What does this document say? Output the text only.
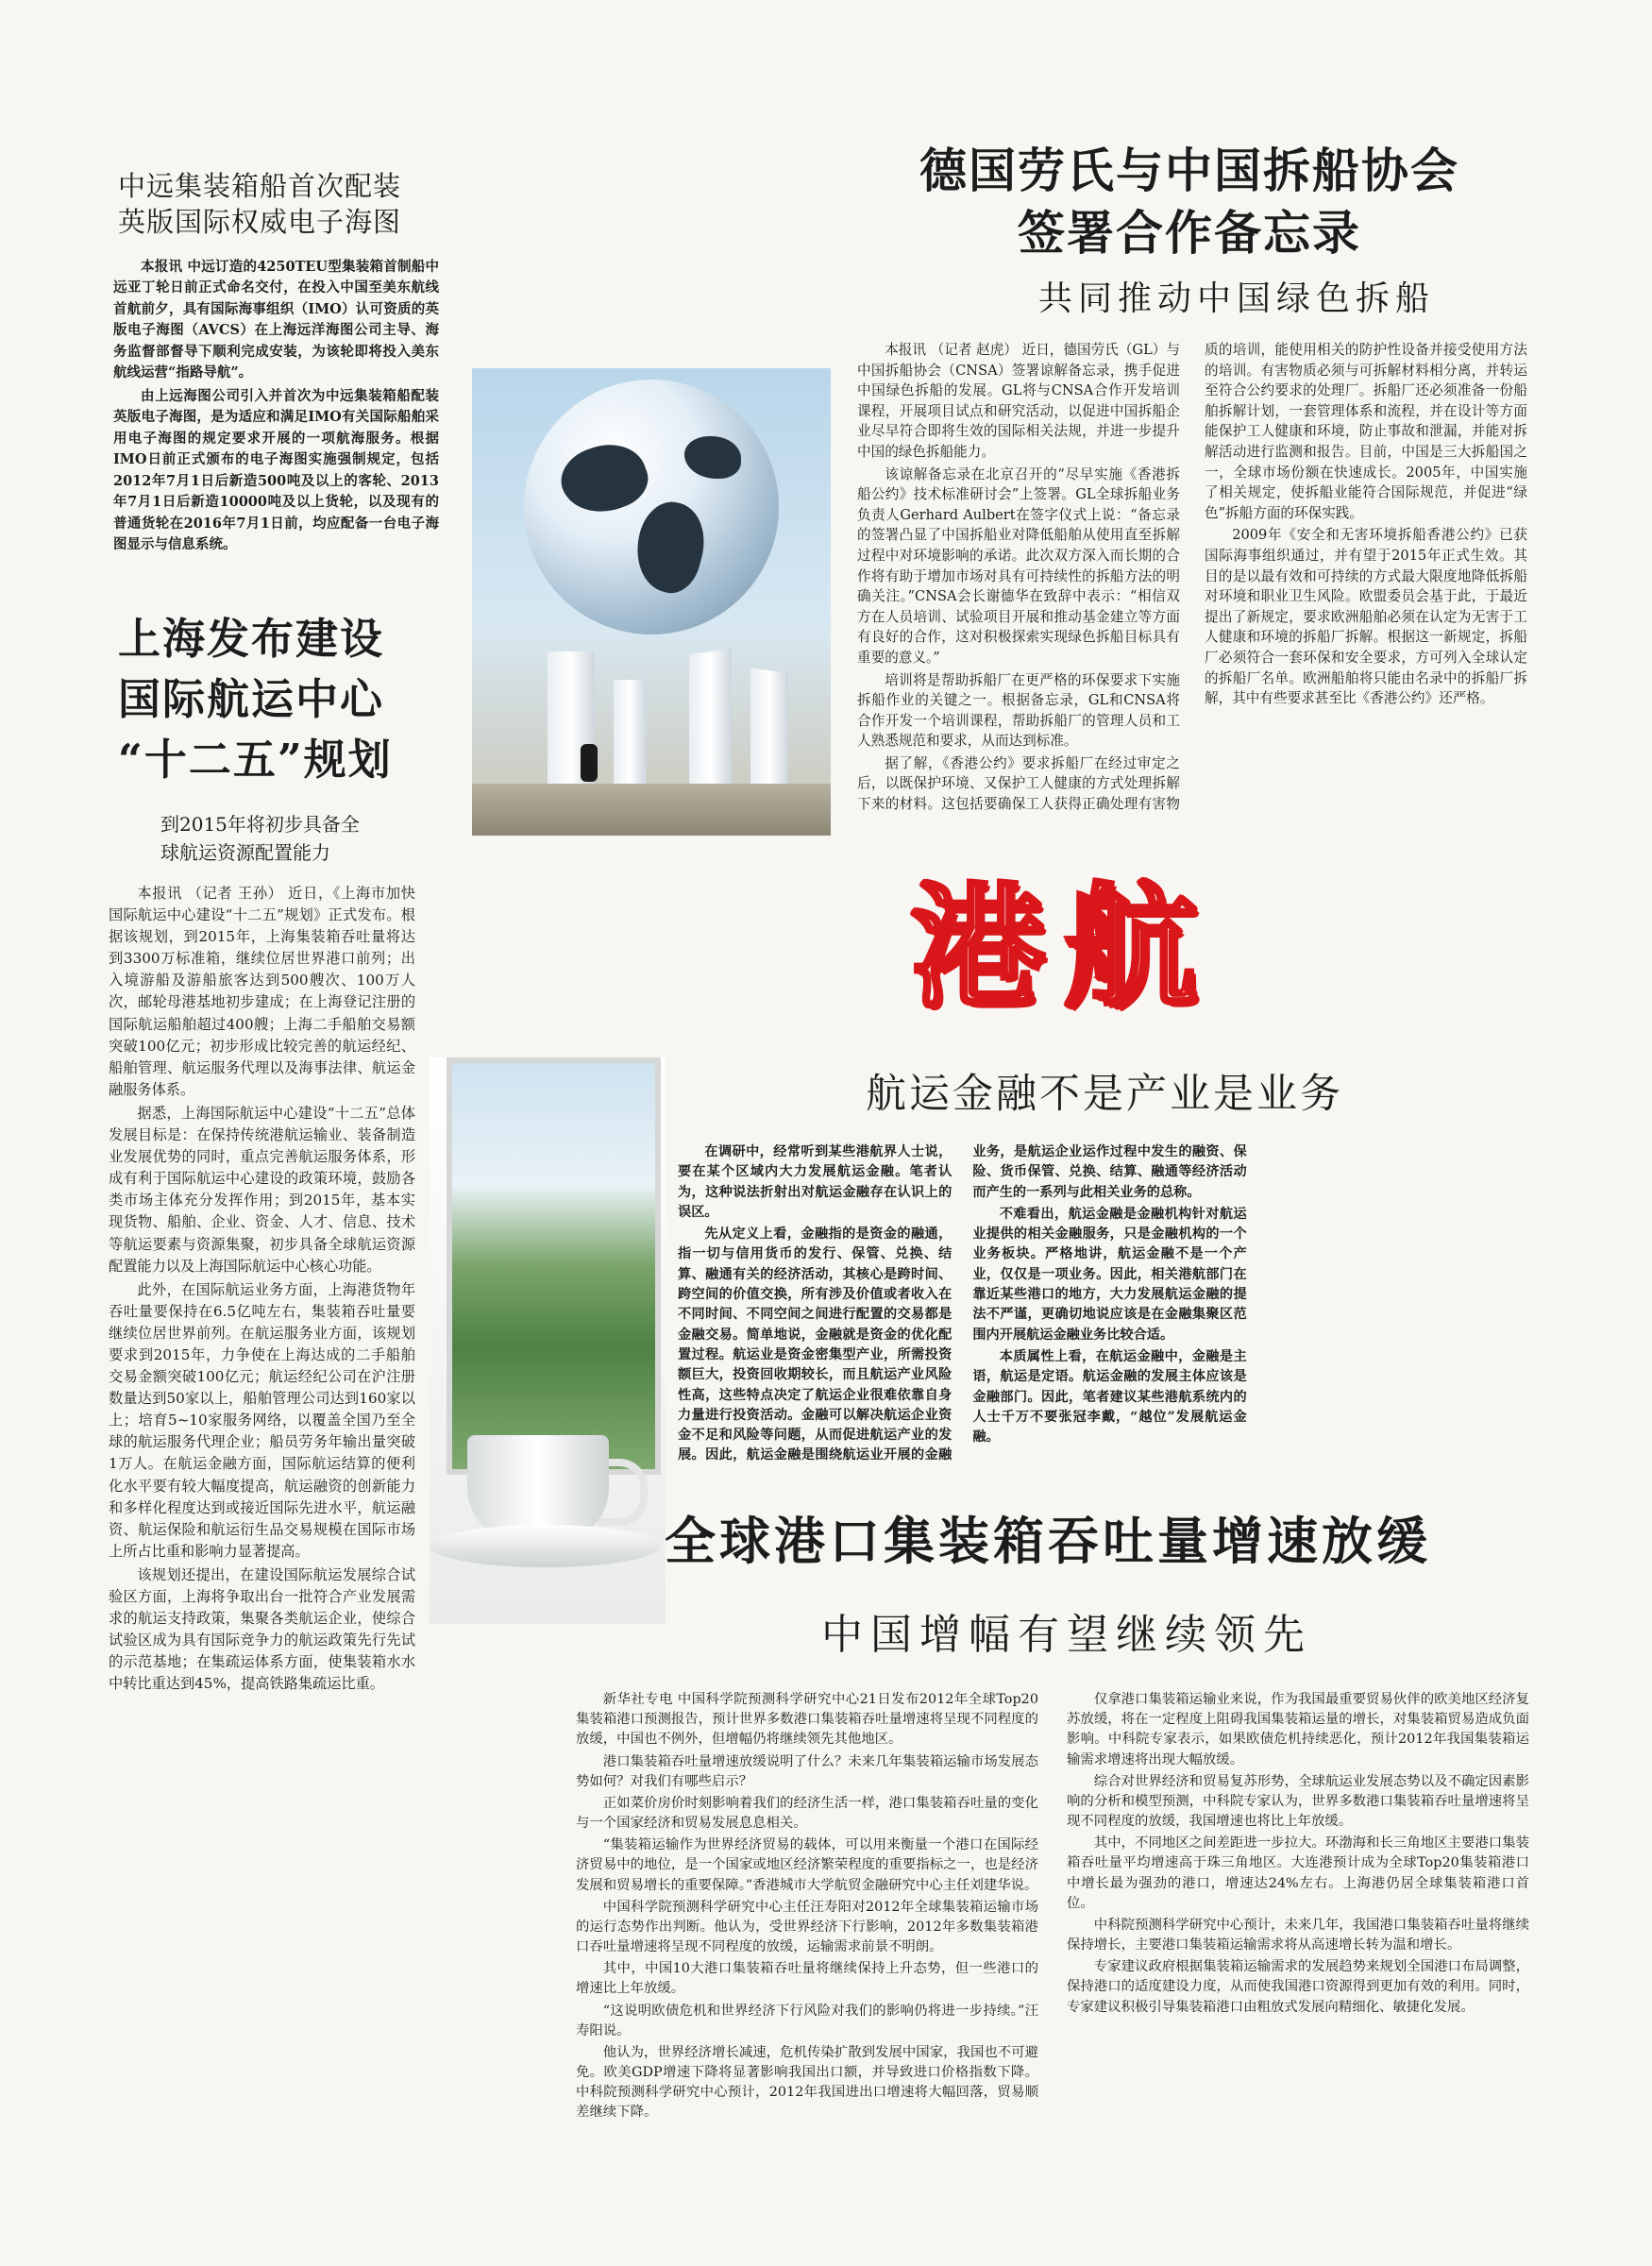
中远集装箱船首次配装
英版国际权威电子海图

本报讯 中远订造的4250TEU型集装箱首制船中远亚丁轮日前正式命名交付，在投入中国至美东航线首航前夕，具有国际海事组织（IMO）认可资质的英版电子海图（AVCS）在上海远洋海图公司主导、海务监督部督导下顺利完成安装，为该轮即将投入美东航线运营“指路导航”。

由上远海图公司引入并首次为中远集装箱船配装英版电子海图，是为适应和满足IMO有关国际船舶采用电子海图的规定要求开展的一项航海服务。根据IMO日前正式颁布的电子海图实施强制规定，包括2012年7月1日后新造500吨及以上的客轮、2013年7月1日后新造10000吨及以上货轮，以及现有的普通货轮在2016年7月1日前，均应配备一台电子海图显示与信息系统。

上海发布建设
国际航运中心
“十二五”规划
到2015年将初步具备全
球航运资源配置能力

本报讯 （记者 王孙） 近日，《上海市加快国际航运中心建设“十二五”规划》正式发布。根据该规划，到2015年，上海集装箱吞吐量将达到3300万标准箱，继续位居世界港口前列；出入境游船及游船旅客达到500艘次、100万人次，邮轮母港基地初步建成；在上海登记注册的国际航运船舶超过400艘；上海二手船舶交易额突破100亿元；初步形成比较完善的航运经纪、船舶管理、航运服务代理以及海事法律、航运金融服务体系。

据悉，上海国际航运中心建设“十二五”总体发展目标是：在保持传统港航运输业、装备制造业发展优势的同时，重点完善航运服务体系，形成有利于国际航运中心建设的政策环境，鼓励各类市场主体充分发挥作用；到2015年，基本实现货物、船舶、企业、资金、人才、信息、技术等航运要素与资源集聚，初步具备全球航运资源配置能力以及上海国际航运中心核心功能。

此外，在国际航运业务方面，上海港货物年吞吐量要保持在6.5亿吨左右，集装箱吞吐量要继续位居世界前列。在航运服务业方面，该规划要求到2015年，力争使在上海达成的二手船舶交易金额突破100亿元；航运经纪公司在沪注册数量达到50家以上，船舶管理公司达到160家以上；培育5~10家服务网络，以覆盖全国乃至全球的航运服务代理企业；船员劳务年输出量突破1万人。在航运金融方面，国际航运结算的便利化水平要有较大幅度提高，航运融资的创新能力和多样化程度达到或接近国际先进水平，航运融资、航运保险和航运衍生品交易规模在国际市场上所占比重和影响力显著提高。

该规划还提出，在建设国际航运发展综合试验区方面，上海将争取出台一批符合产业发展需求的航运支持政策，集聚各类航运企业，使综合试验区成为具有国际竞争力的航运政策先行先试的示范基地；在集疏运体系方面，使集装箱水水中转比重达到45%，提高铁路集疏运比重。

德国劳氏与中国拆船协会
签署合作备忘录
共同推动中国绿色拆船

本报讯 （记者 赵虎） 近日，德国劳氏（GL）与中国拆船协会（CNSA）签署谅解备忘录，携手促进中国绿色拆船的发展。GL将与CNSA合作开发培训课程，开展项目试点和研究活动，以促进中国拆船企业尽早符合即将生效的国际相关法规，并进一步提升中国的绿色拆船能力。

该谅解备忘录在北京召开的“尽早实施《香港拆船公约》技术标准研讨会”上签署。GL全球拆船业务负责人Gerhard Aulbert在签字仪式上说：“备忘录的签署凸显了中国拆船业对降低船舶从使用直至拆解过程中对环境影响的承诺。此次双方深入而长期的合作将有助于增加市场对具有可持续性的拆船方法的明确关注。”CNSA会长谢德华在致辞中表示：“相信双方在人员培训、试验项目开展和推动基金建立等方面有良好的合作，这对积极探索实现绿色拆船目标具有重要的意义。”

培训将是帮助拆船厂在更严格的环保要求下实施拆船作业的关键之一。根据备忘录，GL和CNSA将合作开发一个培训课程，帮助拆船厂的管理人员和工人熟悉规范和要求，从而达到标准。

据了解，《香港公约》要求拆船厂在经过审定之后，以既保护环境、又保护工人健康的方式处理拆解下来的材料。这包括要确保工人获得正确处理有害物质的培训，能使用相关的防护性设备并接受使用方法的培训。有害物质必须与可拆解材料相分离，并转运至符合公约要求的处理厂。拆船厂还必须准备一份船舶拆解计划，一套管理体系和流程，并在设计等方面能保护工人健康和环境，防止事故和泄漏，并能对拆解活动进行监测和报告。目前，中国是三大拆船国之一，全球市场份额在快速成长。2005年，中国实施了相关规定，使拆船业能符合国际规范，并促进“绿色”拆船方面的环保实践。

2009年《安全和无害环境拆船香港公约》已获国际海事组织通过，并有望于2015年正式生效。其目的是以最有效和可持续的方式最大限度地降低拆船对环境和职业卫生风险。欧盟委员会基于此，于最近提出了新规定，要求欧洲船舶必须在认定为无害于工人健康和环境的拆船厂拆解。根据这一新规定，拆船厂必须符合一套环保和安全要求，方可列入全球认定的拆船厂名单。欧洲船舶将只能由名录中的拆船厂拆解，其中有些要求甚至比《香港公约》还严格。

港航
航运金融不是产业是业务

在调研中，经常听到某些港航界人士说，要在某个区域内大力发展航运金融。笔者认为，这种说法折射出对航运金融存在认识上的误区。

先从定义上看，金融指的是资金的融通，指一切与信用货币的发行、保管、兑换、结算、融通有关的经济活动，其核心是跨时间、跨空间的价值交换，所有涉及价值或者收入在不同时间、不同空间之间进行配置的交易都是金融交易。简单地说，金融就是资金的优化配置过程。航运业是资金密集型产业，所需投资额巨大，投资回收期较长，而且航运产业风险性高，这些特点决定了航运企业很难依靠自身力量进行投资活动。金融可以解决航运企业资金不足和风险等问题，从而促进航运产业的发展。因此，航运金融是围绕航运业开展的金融业务，是航运企业运作过程中发生的融资、保险、货币保管、兑换、结算、融通等经济活动而产生的一系列与此相关业务的总称。

不难看出，航运金融是金融机构针对航运业提供的相关金融服务，只是金融机构的一个业务板块。严格地讲，航运金融不是一个产业，仅仅是一项业务。因此，相关港航部门在靠近某些港口的地方，大力发展航运金融的提法不严谨，更确切地说应该是在金融集聚区范围内开展航运金融业务比较合适。

本质属性上看，在航运金融中，金融是主语，航运是定语。航运金融的发展主体应该是金融部门。因此，笔者建议某些港航系统内的人士千万不要张冠李戴，“越位”发展航运金融。

全球港口集装箱吞吐量增速放缓
中国增幅有望继续领先

新华社专电 中国科学院预测科学研究中心21日发布2012年全球Top20集装箱港口预测报告，预计世界多数港口集装箱吞吐量增速将呈现不同程度的放缓，中国也不例外，但增幅仍将继续领先其他地区。

港口集装箱吞吐量增速放缓说明了什么？未来几年集装箱运输市场发展态势如何？对我们有哪些启示？

正如菜价房价时刻影响着我们的经济生活一样，港口集装箱吞吐量的变化与一个国家经济和贸易发展息息相关。

“集装箱运输作为世界经济贸易的载体，可以用来衡量一个港口在国际经济贸易中的地位，是一个国家或地区经济繁荣程度的重要指标之一，也是经济发展和贸易增长的重要保障。”香港城市大学航贸金融研究中心主任刘建华说。

中国科学院预测科学研究中心主任汪寿阳对2012年全球集装箱运输市场的运行态势作出判断。他认为，受世界经济下行影响，2012年多数集装箱港口吞吐量增速将呈现不同程度的放缓，运输需求前景不明朗。

其中，中国10大港口集装箱吞吐量将继续保持上升态势，但一些港口的增速比上年放缓。

“这说明欧债危机和世界经济下行风险对我们的影响仍将进一步持续。”汪寿阳说。

他认为，世界经济增长减速，危机传染扩散到发展中国家，我国也不可避免。欧美GDP增速下降将显著影响我国出口额，并导致进口价格指数下降。中科院预测科学研究中心预计，2012年我国进出口增速将大幅回落，贸易顺差继续下降。

仅拿港口集装箱运输业来说，作为我国最重要贸易伙伴的欧美地区经济复苏放缓，将在一定程度上阻碍我国集装箱运量的增长，对集装箱贸易造成负面影响。中科院专家表示，如果欧债危机持续恶化，预计2012年我国集装箱运输需求增速将出现大幅放缓。

综合对世界经济和贸易复苏形势，全球航运业发展态势以及不确定因素影响的分析和模型预测，中科院专家认为，世界多数港口集装箱吞吐量增速将呈现不同程度的放缓，我国增速也将比上年放缓。

其中，不同地区之间差距进一步拉大。环渤海和长三角地区主要港口集装箱吞吐量平均增速高于珠三角地区。大连港预计成为全球Top20集装箱港口中增长最为强劲的港口，增速达24%左右。上海港仍居全球集装箱港口首位。

中科院预测科学研究中心预计，未来几年，我国港口集装箱吞吐量将继续保持增长，主要港口集装箱运输需求将从高速增长转为温和增长。

专家建议政府根据集装箱运输需求的发展趋势来规划全国港口布局调整，保持港口的适度建设力度，从而使我国港口资源得到更加有效的利用。同时，专家建议积极引导集装箱港口由粗放式发展向精细化、敏捷化发展。
